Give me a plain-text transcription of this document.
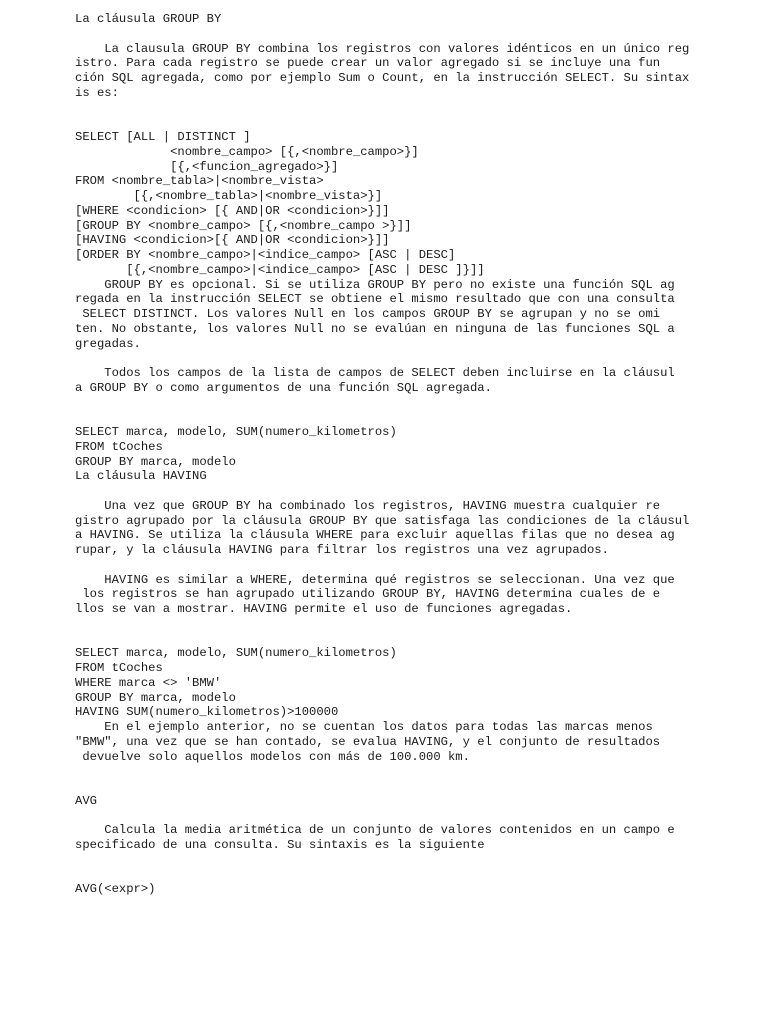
La cláusula GROUP BY

La clausula GROUP BY combina los registros con valores idénticos en un único reg
istro. Para cada registro se puede crear un valor agregado si se incluye una fun
ción SQL agregada, como por ejemplo Sum o Count, en la instrucción SELECT. Su sintax
is es:

SELECT [ALL | DISTINCT ]
<nombre_campo> [{,<nombre_campo>}]
[{,<funcion_agregado>}]
FROM <nombre_tabla>|<nombre_vista>
[{,<nombre_tabla>|<nombre_vista>}]
[WHERE <condicion> [{ AND|OR <condicion>}]]
[GROUP BY <nombre_campo> [{,<nombre_campo >}]]
[HAVING <condicion>[{ AND|OR <condicion>}]]
[ORDER BY <nombre_campo>|<indice_campo> [ASC | DESC]
[{,<nombre_campo>|<indice_campo> [ASC | DESC ]}]]
GROUP BY es opcional. Si se utiliza GROUP BY pero no existe una función SQL ag
regada en la instrucción SELECT se obtiene el mismo resultado que con una consulta
SELECT DISTINCT. Los valores Null en los campos GROUP BY se agrupan y no se omi
ten. No obstante, los valores Null no se evalúan en ninguna de las funciones SQL a
gregadas.

Todos los campos de la lista de campos de SELECT deben incluirse en la cláusul
a GROUP BY o como argumentos de una función SQL agregada.

SELECT marca, modelo, SUM(numero_kilometros)
FROM tCoches
GROUP BY marca, modelo
La cláusula HAVING

Una vez que GROUP BY ha combinado los registros, HAVING muestra cualquier re
gistro agrupado por la cláusula GROUP BY que satisfaga las condiciones de la cláusul
a HAVING. Se utiliza la cláusula WHERE para excluir aquellas filas que no desea ag
rupar, y la cláusula HAVING para filtrar los registros una vez agrupados.

HAVING es similar a WHERE, determina qué registros se seleccionan. Una vez que
los registros se han agrupado utilizando GROUP BY, HAVING determina cuales de e
llos se van a mostrar. HAVING permite el uso de funciones agregadas.

SELECT marca, modelo, SUM(numero_kilometros)
FROM tCoches
WHERE marca <> 'BMW'
GROUP BY marca, modelo
HAVING SUM(numero_kilometros)>100000
En el ejemplo anterior, no se cuentan los datos para todas las marcas menos
"BMW", una vez que se han contado, se evalua HAVING, y el conjunto de resultados
devuelve solo aquellos modelos con más de 100.000 km.

AVG

Calcula la media aritmética de un conjunto de valores contenidos en un campo e
specificado de una consulta. Su sintaxis es la siguiente

AVG(<expr>)
